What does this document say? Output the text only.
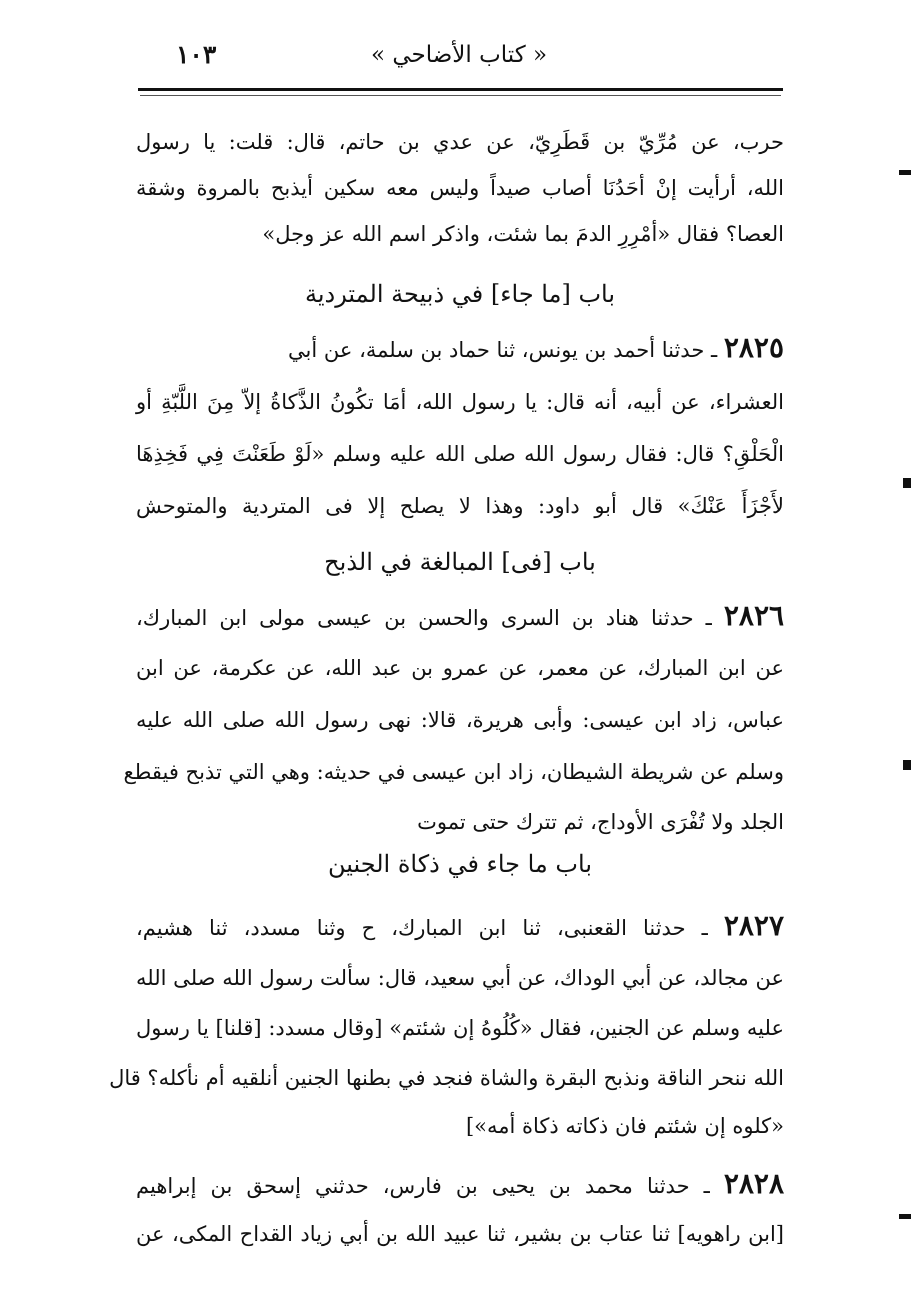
١٠٣	« كتاب الأضاحي »
حرب، عن مُرِّيّ بن قَطَرِيّ، عن عدي بن حاتم، قال: قلت: يا رسول
الله، أرأيت إنْ أحَدُنَا أصاب صيداً وليس معه سكين أيذبح بالمروة وشقة
العصا؟ فقال «أمْرِرِ الدمَ بما شئت، واذكر اسم الله عز وجل»
باب [ما جاء] في ذبيحة المتردية
٢٨٢٥ ـ حدثنا أحمد بن يونس، ثنا حماد بن سلمة، عن أبي
العشراء، عن أبيه، أنه قال: يا رسول الله، أمَا تكُونُ الذَّكاةُ إلاّ مِنَ اللَّبّةِ أو
الْحَلْقِ؟ قال: فقال رسول الله صلى الله عليه وسلم «لَوْ طَعَنْتَ فِي فَخِذِهَا
لأَجْزَأَ عَنْكَ» قال أبو داود: وهذا لا يصلح إلا فى المتردية والمتوحش
باب [فى] المبالغة في الذبح
٢٨٢٦ ـ حدثنا هناد بن السرى والحسن بن عيسى مولى ابن المبارك،
عن ابن المبارك، عن معمر، عن عمرو بن عبد الله، عن عكرمة، عن ابن
عباس، زاد ابن عيسى: وأبى هريرة، قالا: نهى رسول الله صلى الله عليه
وسلم عن شريطة الشيطان، زاد ابن عيسى في حديثه: وهي التي تذبح فيقطع
الجلد ولا تُفْرَى الأوداج، ثم تترك حتى تموت
باب ما جاء في ذكاة الجنين
٢٨٢٧ ـ حدثنا القعنبى، ثنا ابن المبارك، ح وثنا مسدد، ثنا هشيم،
عن مجالد، عن أبي الوداك، عن أبي سعيد، قال: سألت رسول الله صلى الله
عليه وسلم عن الجنين، فقال «كُلُوهُ إن شئتم» [وقال مسدد: [قلنا] يا رسول
الله ننحر الناقة ونذبح البقرة والشاة فنجد في بطنها الجنين أنلقيه أم نأكله؟ قال
«كلوه إن شئتم فان ذكاته ذكاة أمه»]
٢٨٢٨ ـ حدثنا محمد بن يحيى بن فارس، حدثني إسحق بن إبراهيم
[ابن راهويه] ثنا عتاب بن بشير، ثنا عبيد الله بن أبي زياد القداح المكى، عن
